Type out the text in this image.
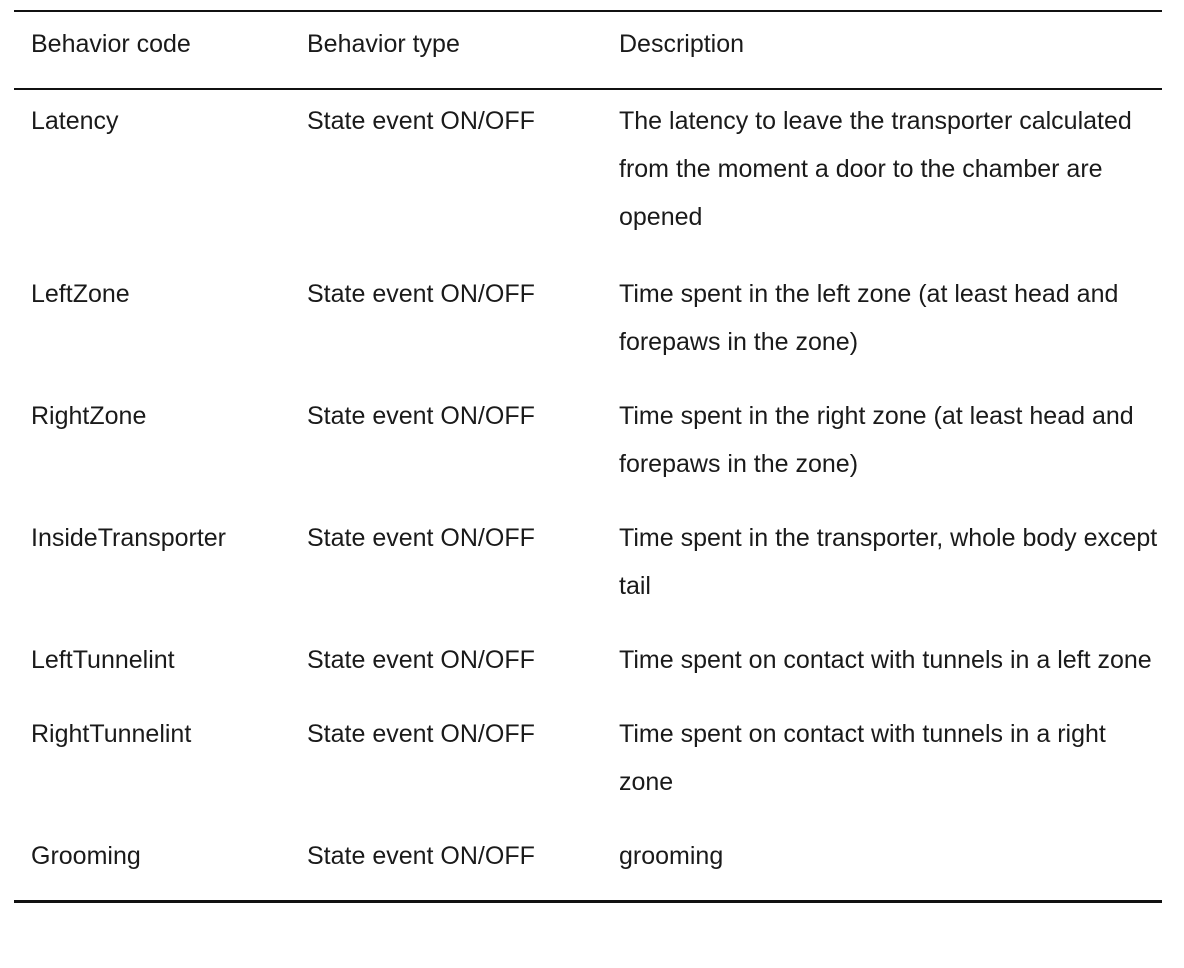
Behavior code	Behavior type	Description
Latency	State event ON/OFF	The latency to leave the transporter calculated from the moment a door to the chamber are opened
LeftZone	State event ON/OFF	Time spent in the left zone (at least head and forepaws in the zone)
RightZone	State event ON/OFF	Time spent in the right zone (at least head and forepaws in the zone)
InsideTransporter	State event ON/OFF	Time spent in the transporter, whole body except tail
LeftTunnelint	State event ON/OFF	Time spent on contact with tunnels in a left zone
RightTunnelint	State event ON/OFF	Time spent on contact with tunnels in a right zone
Grooming	State event ON/OFF	grooming
